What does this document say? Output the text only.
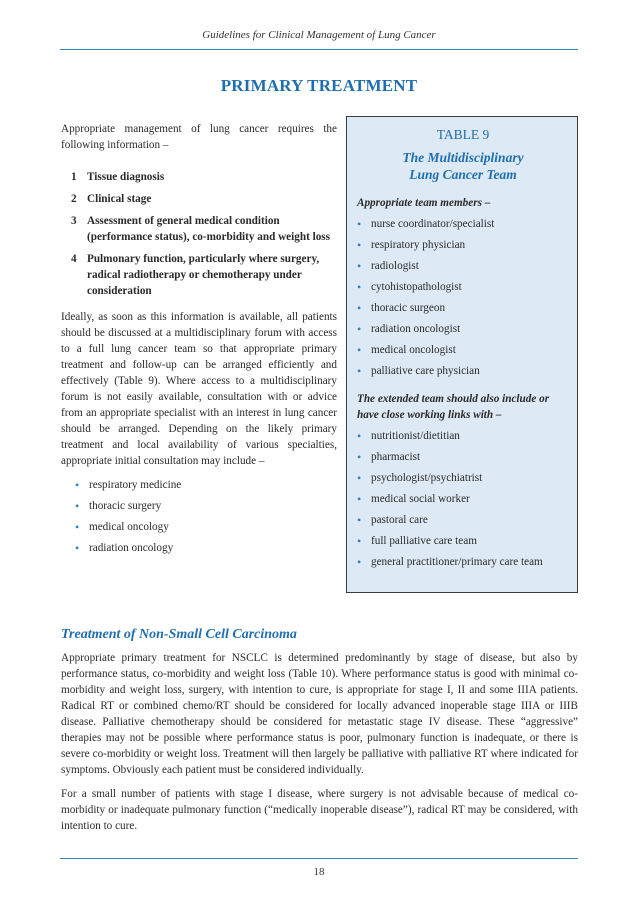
Guidelines for Clinical Management of Lung Cancer
PRIMARY TREATMENT

Appropriate management of lung cancer requires the following information –

1 Tissue diagnosis
2 Clinical stage
3 Assessment of general medical condition (performance status), co-morbidity and weight loss
4 Pulmonary function, particularly where surgery, radical radiotherapy or chemotherapy under consideration

Ideally, as soon as this information is available, all patients should be discussed at a multidisciplinary forum with access to a full lung cancer team so that appropriate primary treatment and follow-up can be arranged efficiently and effectively (Table 9). Where access to a multidisciplinary forum is not easily available, consultation with or advice from an appropriate specialist with an interest in lung cancer should be arranged. Depending on the likely primary treatment and local availability of various specialties, appropriate initial consultation may include –

• respiratory medicine
• thoracic surgery
• medical oncology
• radiation oncology
TABLE 9
The Multidisciplinary
Lung Cancer Team
Appropriate team members –
• nurse coordinator/specialist
• respiratory physician
• radiologist
• cytohistopathologist
• thoracic surgeon
• radiation oncologist
• medical oncologist
• palliative care physician
The extended team should also include or have close working links with –
• nutritionist/dietitian
• pharmacist
• psychologist/psychiatrist
• medical social worker
• pastoral care
• full palliative care team
• general practitioner/primary care team
Treatment of Non-Small Cell Carcinoma

Appropriate primary treatment for NSCLC is determined predominantly by stage of disease, but also by performance status, co-morbidity and weight loss (Table 10). Where performance status is good with minimal co-morbidity and weight loss, surgery, with intention to cure, is appropriate for stage I, II and some IIIA patients. Radical RT or combined chemo/RT should be considered for locally advanced inoperable stage IIIA or IIIB disease. Palliative chemotherapy should be considered for metastatic stage IV disease. These “aggressive” therapies may not be possible where performance status is poor, pulmonary function is inadequate, or there is severe co-morbidity or weight loss. Treatment will then largely be palliative with palliative RT where indicated for symptoms. Obviously each patient must be considered individually.

For a small number of patients with stage I disease, where surgery is not advisable because of medical co-morbidity or inadequate pulmonary function (“medically inoperable disease”), radical RT may be considered, with intention to cure.

18
